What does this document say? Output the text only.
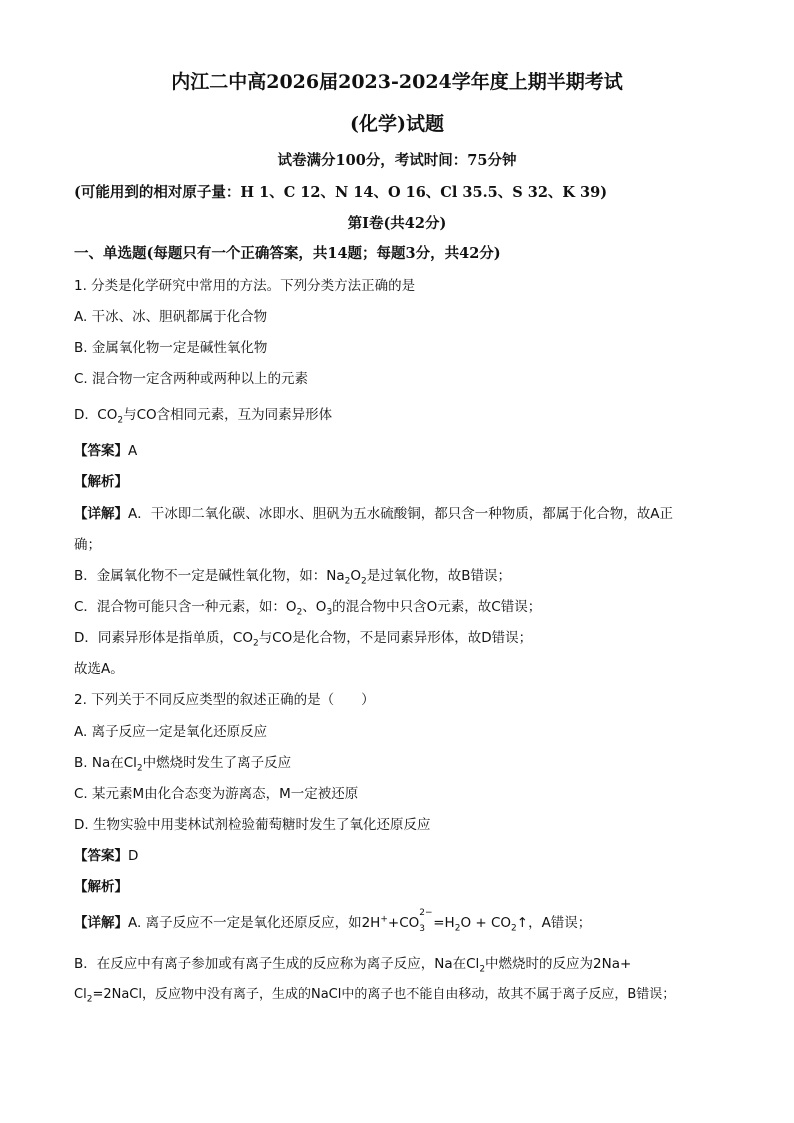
内江二中高2026届2023-2024学年度上期半期考试
(化学)试题
试卷满分100分，考试时间：75分钟
(可能用到的相对原子量：H 1、C 12、N 14、O 16、Cl 35.5、S 32、K 39)
第Ⅰ卷(共42分)
一、单选题(每题只有一个正确答案，共14题；每题3分，共42分)
1. 分类是化学研究中常用的方法。下列分类方法正确的是
A. 干冰、冰、胆矾都属于化合物
B. 金属氧化物一定是碱性氧化物
C. 混合物一定含两种或两种以上的元素
D. $CO_2$与CO含相同元素，互为同素异形体
【答案】A
【解析】
【详解】A．干冰即二氧化碳、冰即水、胆矾为五水硫酸铜，都只含一种物质，都属于化合物，故A正
确；
B．金属氧化物不一定是碱性氧化物，如：$Na_2O_2$是过氧化物，故B错误；
C．混合物可能只含一种元素，如：$O_2$、$O_3$的混合物中只含O元素，故C错误；
D．同素异形体是指单质，$CO_2$与CO是化合物，不是同素异形体，故D错误；
故选A。
2. 下列关于不同反应类型的叙述正确的是（　　）
A. 离子反应一定是氧化还原反应
B. Na在$Cl_2$中燃烧时发生了离子反应
C. 某元素M由化合态变为游离态，M一定被还原
D. 生物实验中用斐林试剂检验葡萄糖时发生了氧化还原反应
【答案】D
【解析】
【详解】A. 离子反应不一定是氧化还原反应，如2H++CO
2−
$3 =H_2O$ + $CO_2↑$，A错误；
B．在反应中有离子参加或有离子生成的反应称为离子反应，Na在$Cl_2$中燃烧时的反应为2Na+
$Cl_2=2NaCl$，反应物中没有离子，生成的NaCl中的离子也不能自由移动，故其不属于离子反应，B错误；
